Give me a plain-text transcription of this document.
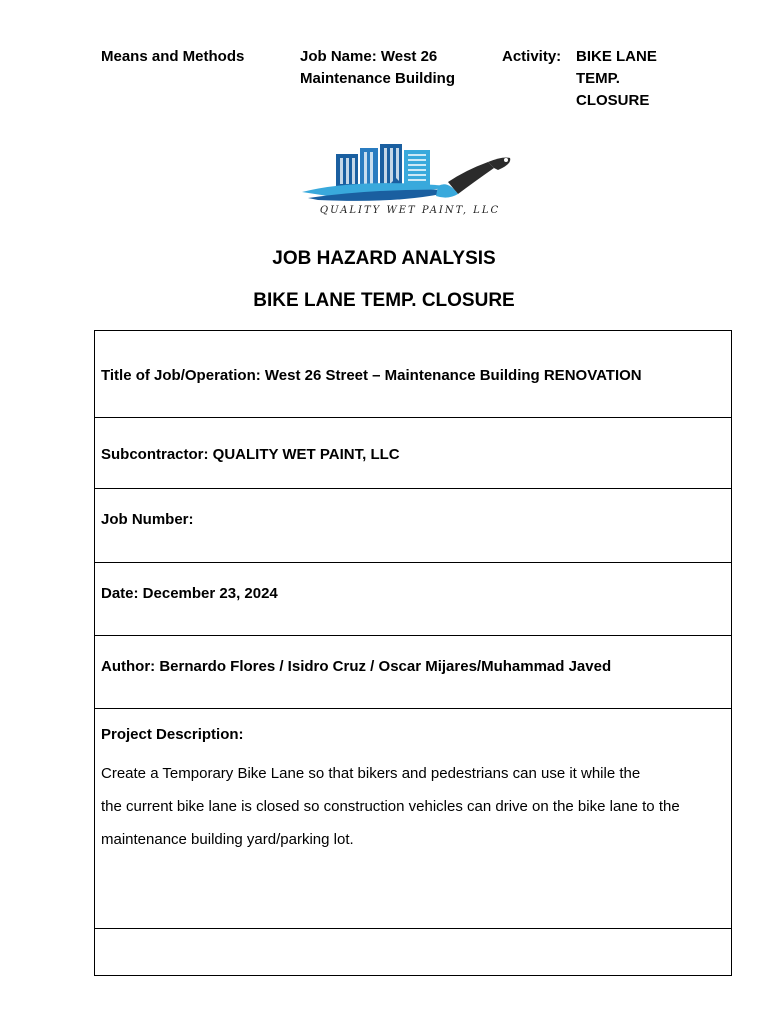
Means and Methods	Job Name: West 26 Maintenance Building
Activity: BIKE LANE TEMP. CLOSURE
QUALITY WET PAINT, LLC
JOB HAZARD ANALYSIS
BIKE LANE TEMP. CLOSURE
Title of Job/Operation: West 26 Street – Maintenance Building RENOVATION
Subcontractor: QUALITY WET PAINT, LLC
Job Number:
Date: December 23, 2024
Author: Bernardo Flores / Isidro Cruz / Oscar Mijares/Muhammad Javed
Project Description:
Create a Temporary Bike Lane so that bikers and pedestrians can use it while the
the current bike lane is closed so construction vehicles can drive on the bike lane to the
maintenance building yard/parking lot.
